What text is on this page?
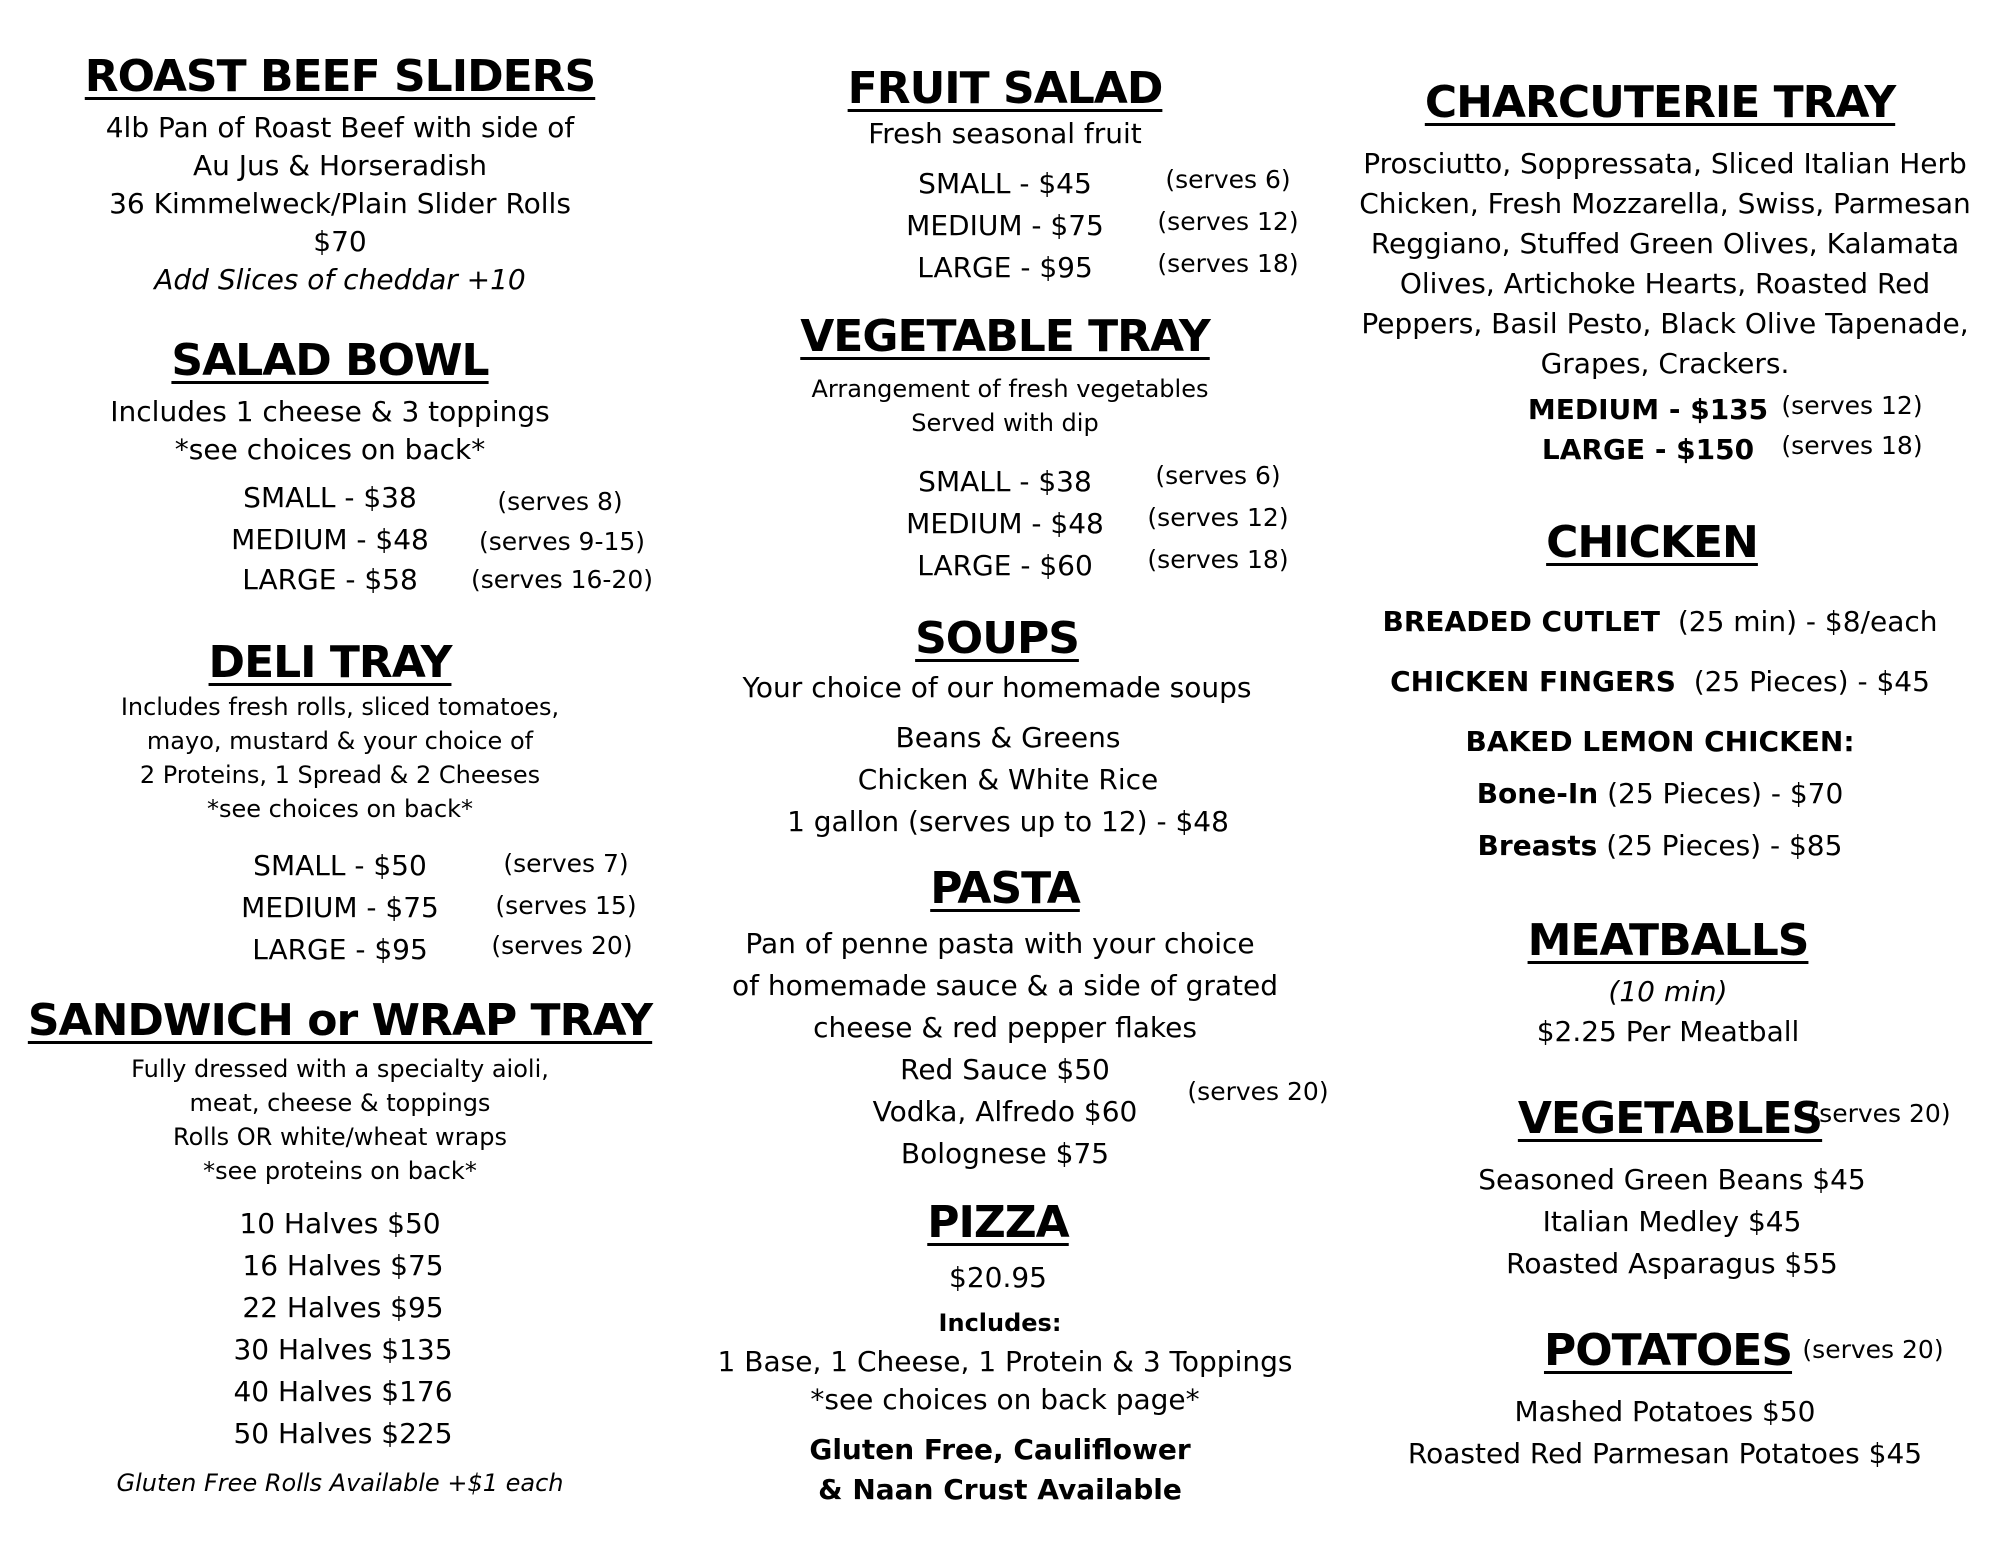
ROAST BEEF SLIDERS
4lb Pan of Roast Beef with side of
Au Jus & Horseradish
36 Kimmelweck/Plain Slider Rolls
$70
Add Slices of cheddar +10
SALAD BOWL
Includes 1 cheese & 3 toppings
*see choices on back*
SMALL - $38	(serves 8)
MEDIUM - $48 (serves 9-15)
LARGE - $58 (serves 16-20)
DELI TRAY
Includes fresh rolls, sliced tomatoes,
mayo, mustard & your choice of
2 Proteins, 1 Spread & 2 Cheeses
*see choices on back*
SMALL - $50	(serves 7)
MEDIUM - $75 (serves 15)
LARGE - $95	(serves 20)
SANDWICH or WRAP TRAY
Fully dressed with a specialty aioli,
meat, cheese & toppings
Rolls OR white/wheat wraps
*see proteins on back*
10 Halves $50
16 Halves $75
22 Halves $95
30 Halves $135
40 Halves $176
50 Halves $225
Gluten Free Rolls Available +$1 each
FRUIT SALAD
Fresh seasonal fruit
SMALL - $45	(serves 6)
MEDIUM - $75 (serves 12)
LARGE - $95	(serves 18)
VEGETABLE TRAY
Arrangement of fresh vegetables
Served with dip
SMALL - $38	(serves 6)
MEDIUM - $48 (serves 12)
LARGE - $60 (serves 18)
SOUPS
Your choice of our homemade soups
Beans & Greens
Chicken & White Rice
1 gallon (serves up to 12) - $48
PASTA
Pan of penne pasta with your choice
of homemade sauce & a side of grated
cheese & red pepper flakes
Red Sauce $50
Vodka, Alfredo $60
Bolognese $75
(serves 20)
PIZZA
$20.95
Includes:
1 Base, 1 Cheese, 1 Protein & 3 Toppings
*see choices on back page*
Gluten Free, Cauliflower
& Naan Crust Available
CHARCUTERIE TRAY
Prosciutto, Soppressata, Sliced Italian Herb
Chicken, Fresh Mozzarella, Swiss, Parmesan
Reggiano, Stuffed Green Olives, Kalamata
Olives, Artichoke Hearts, Roasted Red
Peppers, Basil Pesto, Black Olive Tapenade,
Grapes, Crackers.
MEDIUM - $135 (serves 12)
LARGE - $150 (serves 18)
CHICKEN
BREADED CUTLET (25 min) - $8/each
CHICKEN FINGERS (25 Pieces) - $45
BAKED LEMON CHICKEN:
Bone-In (25 Pieces) - $70
Breasts (25 Pieces) - $85
MEATBALLS
(10 min)
$2.25 Per Meatball
VEGETABLES
(serves 20)
Seasoned Green Beans $45
Italian Medley $45
Roasted Asparagus $55
POTATOES (serves 20)
Mashed Potatoes $50
Roasted Red Parmesan Potatoes $45
